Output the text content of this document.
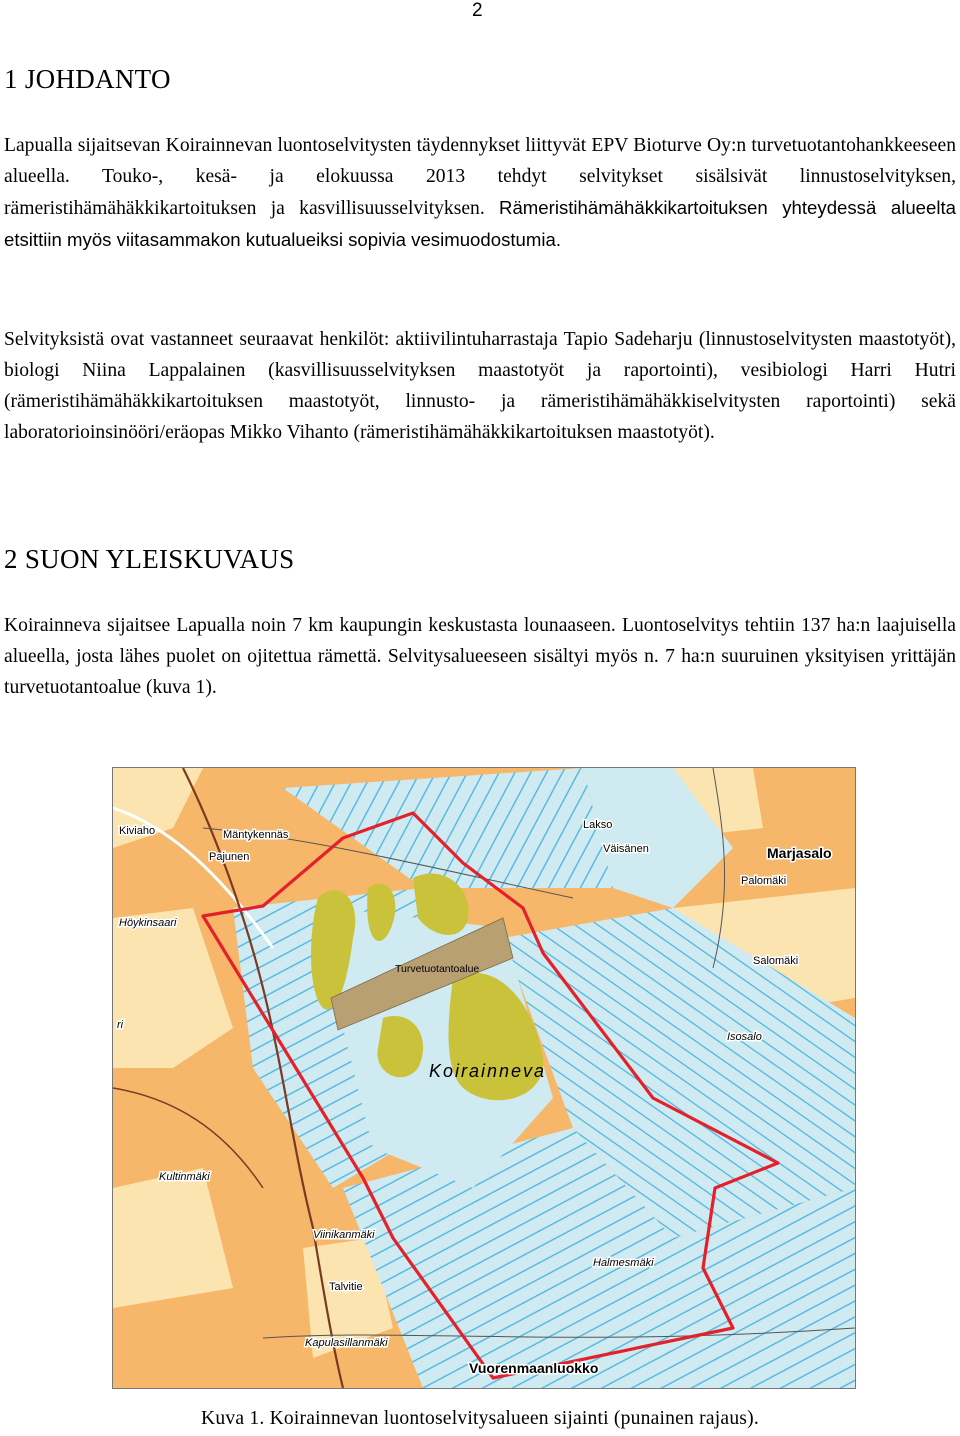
2
1 JOHDANTO

Lapualla sijaitsevan Koirainnevan luontoselvitysten täydennykset liittyvät EPV Bioturve Oy:n turvetuotantohankkeeseen alueella. Touko-, kesä- ja elokuussa 2013 tehdyt selvitykset sisälsivät linnustoselvityksen, rämeristihämähäkkikartoituksen ja kasvillisuusselvityksen. Rämeristihämähäkkikartoituksen yhteydessä alueelta etsittiin myös viitasammakon kutualueiksi sopivia vesimuodostumia.

Selvityksistä ovat vastanneet seuraavat henkilöt: aktiivilintuharrastaja Tapio Sadeharju (linnustoselvitysten maastotyöt), biologi Niina Lappalainen (kasvillisuusselvityksen maastotyöt ja raportointi), vesibiologi Harri Hutri (rämeristihämähäkkikartoituksen maastotyöt, linnusto- ja rämeristihämähäkkiselvitysten raportointi) sekä laboratorioinsinööri/eräopas Mikko Vihanto (rämeristihämähäkkikartoituksen maastotyöt).

2 SUON YLEISKUVAUS

Koirainneva sijaitsee Lapualla noin 7 km kaupungin keskustasta lounaaseen. Luontoselvitys tehtiin 137 ha:n laajuisella alueella, josta lähes puolet on ojitettua rämettä. Selvitysalueeseen sisältyi myös n. 7 ha:n suuruinen yksityisen yrittäjän turvetuotantoalue (kuva 1).

Kiviaho	Mäntykennäs
Pajunen
Höykinsaari
Lakso
Väisänen	Marjasalo
Palomäki
Salomäki
Isosalo
ri
Turvetuotantoalue
Koirainneva
Kultinmäki
Viinikanmäki
Talvitie
Halmesmäki
Kapulasillanmäki
Vuorenmaanluokko

Kuva 1. Koirainnevan luontoselvitysalueen sijainti (punainen rajaus).
